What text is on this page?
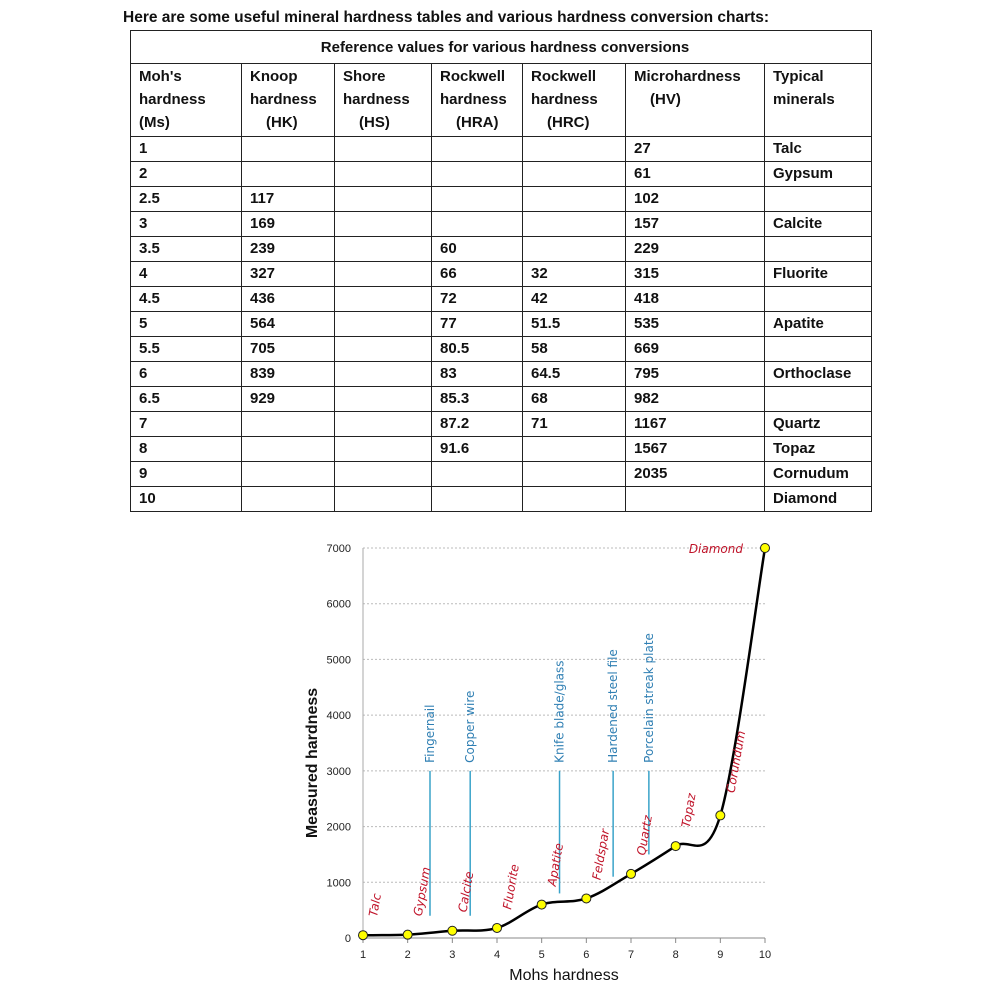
Here are some useful mineral hardness tables and various hardness conversion charts:
Reference values for various hardness conversions						

Moh's
hardness
(Ms)	Knoop
hardness
(HK)	Shore
hardness
(HS)	Rockwell
hardness
(HRA)	Rockwell
hardness
(HRC)	Microhardness
(HV)	Typical
minerals

1					27	Talc
2					61	Gypsum
2.5	117				102	
3	169				157	Calcite
3.5	239		60		229	
4	327		66	32	315	Fluorite
4.5	436		72	42	418	
5	564		77	51.5	535	Apatite
5.5	705		80.5	58	669	
6	839		83	64.5	795	Orthoclase
6.5	929		85.3	68	982	
7			87.2	71	1167	Quartz
8			91.6		1567	Topaz
9					2035	Cornudum
10						Diamond
0
1000
2000
3000
4000
5000
6000
7000
1	2	3	4	5	6	7	8	9	10
Mohs hardness
Measured hardness	Fingernail Copper wire	Knife blade/glass	Hardened steel file Porcelain streak plate
Talc Gypsum Calcite Fluorite Apatite Feldspar Quartz
Topaz
Corundum
Diamond
